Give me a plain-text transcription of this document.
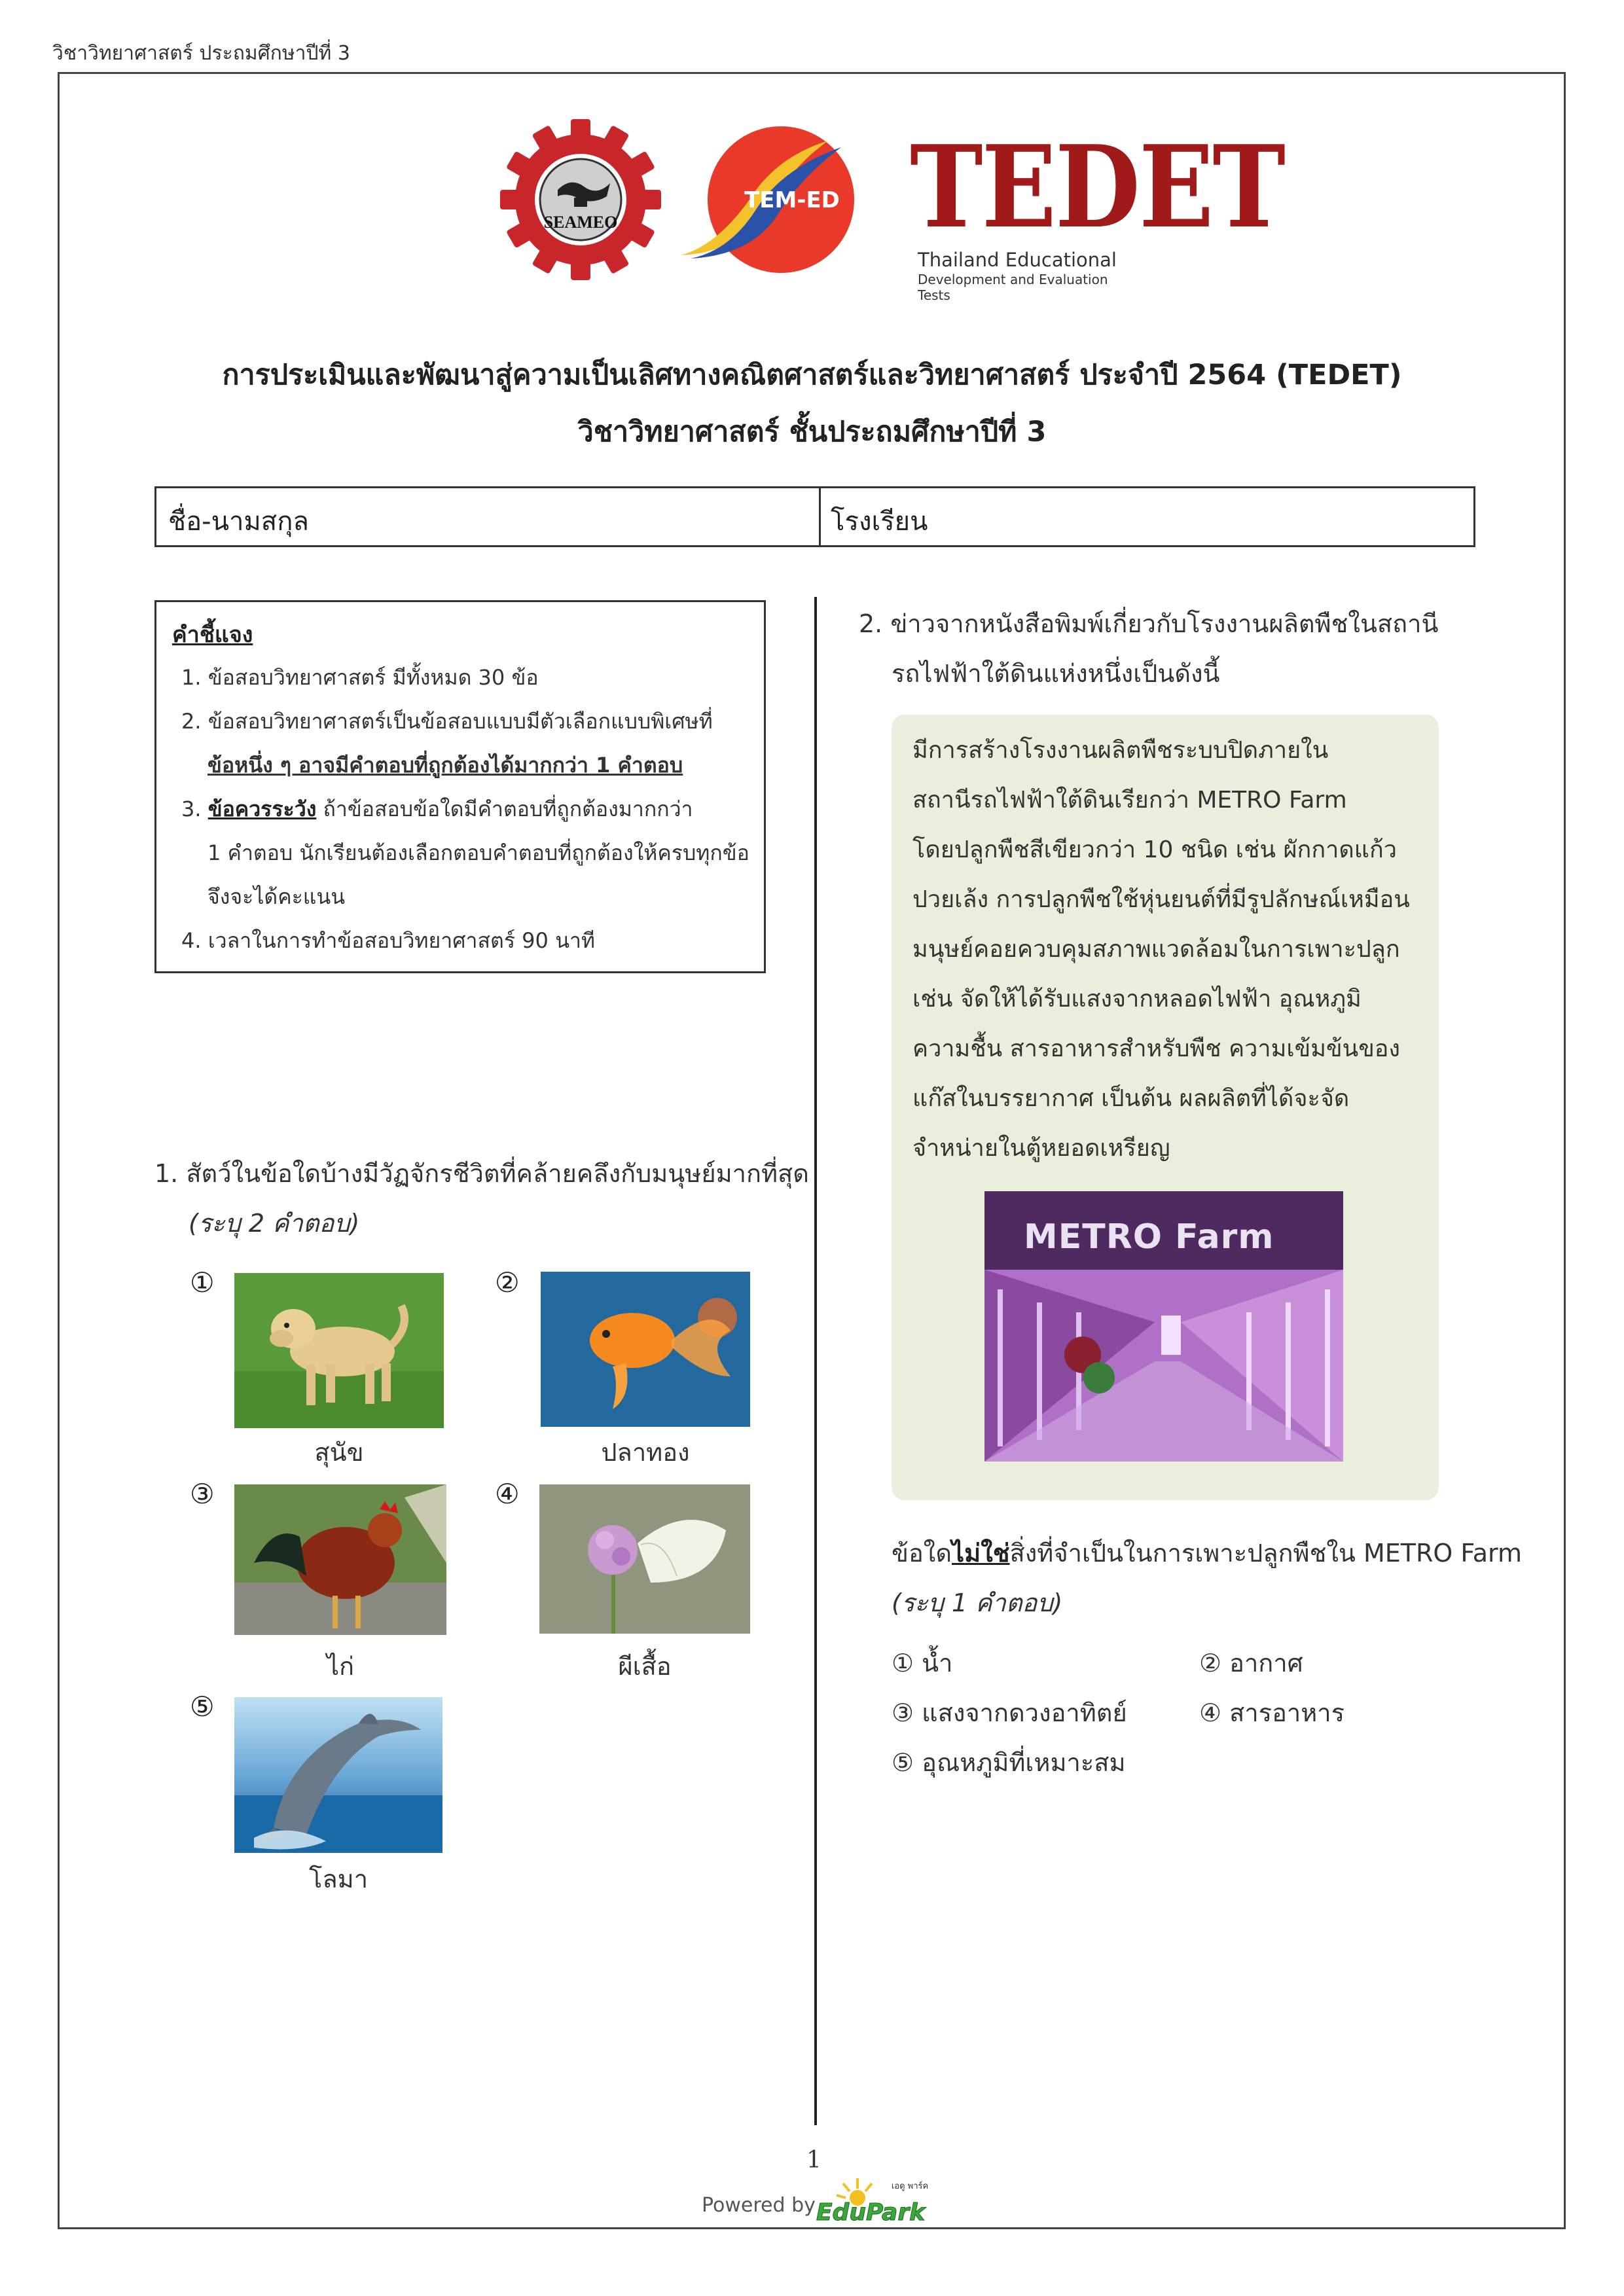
วิชาวิทยาศาสตร์ ประถมศึกษาปีที่ 3
SEAMEO
TEM-ED TEDET
Thailand Educational
Development and Evaluation Tests
การประเมินและพัฒนาสู่ความเป็นเลิศทางคณิตศาสตร์และวิทยาศาสตร์ ประจำปี 2564 (TEDET)
วิชาวิทยาศาสตร์ ชั้นประถมศึกษาปีที่ 3
ชื่อ-นามสกุล	โรงเรียน
คำชี้แจง
1. ข้อสอบวิทยาศาสตร์ มีทั้งหมด 30 ข้อ
2. ข้อสอบวิทยาศาสตร์เป็นข้อสอบแบบมีตัวเลือกแบบพิเศษที่
ข้อหนึ่ง ๆ อาจมีคำตอบที่ถูกต้องได้มากกว่า 1 คำตอบ
3. ข้อควรระวัง ถ้าข้อสอบข้อใดมีคำตอบที่ถูกต้องมากกว่า
1 คำตอบ นักเรียนต้องเลือกตอบคำตอบที่ถูกต้องให้ครบทุกข้อ
จึงจะได้คะแนน
4. เวลาในการทำข้อสอบวิทยาศาสตร์ 90 นาที
1. สัตว์ในข้อใดบ้างมีวัฏจักรชีวิตที่คล้ายคลึงกับมนุษย์มากที่สุด
(ระบุ 2 คำตอบ)
①
สุนัข
②
ปลาทอง
③
ไก่
④
ผีเสื้อ
⑤
โลมา
2. ข่าวจากหนังสือพิมพ์เกี่ยวกับโรงงานผลิตพืชในสถานี
รถไฟฟ้าใต้ดินแห่งหนึ่งเป็นดังนี้
มีการสร้างโรงงานผลิตพืชระบบปิดภายใน
สถานีรถไฟฟ้าใต้ดินเรียกว่า METRO Farm
โดยปลูกพืชสีเขียวกว่า 10 ชนิด เช่น ผักกาดแก้ว
ปวยเล้ง การปลูกพืชใช้หุ่นยนต์ที่มีรูปลักษณ์เหมือน
มนุษย์คอยควบคุมสภาพแวดล้อมในการเพาะปลูก
เช่น จัดให้ได้รับแสงจากหลอดไฟฟ้า อุณหภูมิ
ความชื้น สารอาหารสำหรับพืช ความเข้มข้นของ
แก๊สในบรรยากาศ เป็นต้น ผลผลิตที่ได้จะจัด
จำหน่ายในตู้หยอดเหรียญ
METRO Farm
ข้อใดไม่ใช่สิ่งที่จำเป็นในการเพาะปลูกพืชใน METRO Farm
(ระบุ 1 คำตอบ)
① น้ำ	② อากาศ
③ แสงจากดวงอาทิตย์	④ สารอาหาร
⑤ อุณหภูมิที่เหมาะสม
1
Powered by
เอดู พาร์ค
EduPark
